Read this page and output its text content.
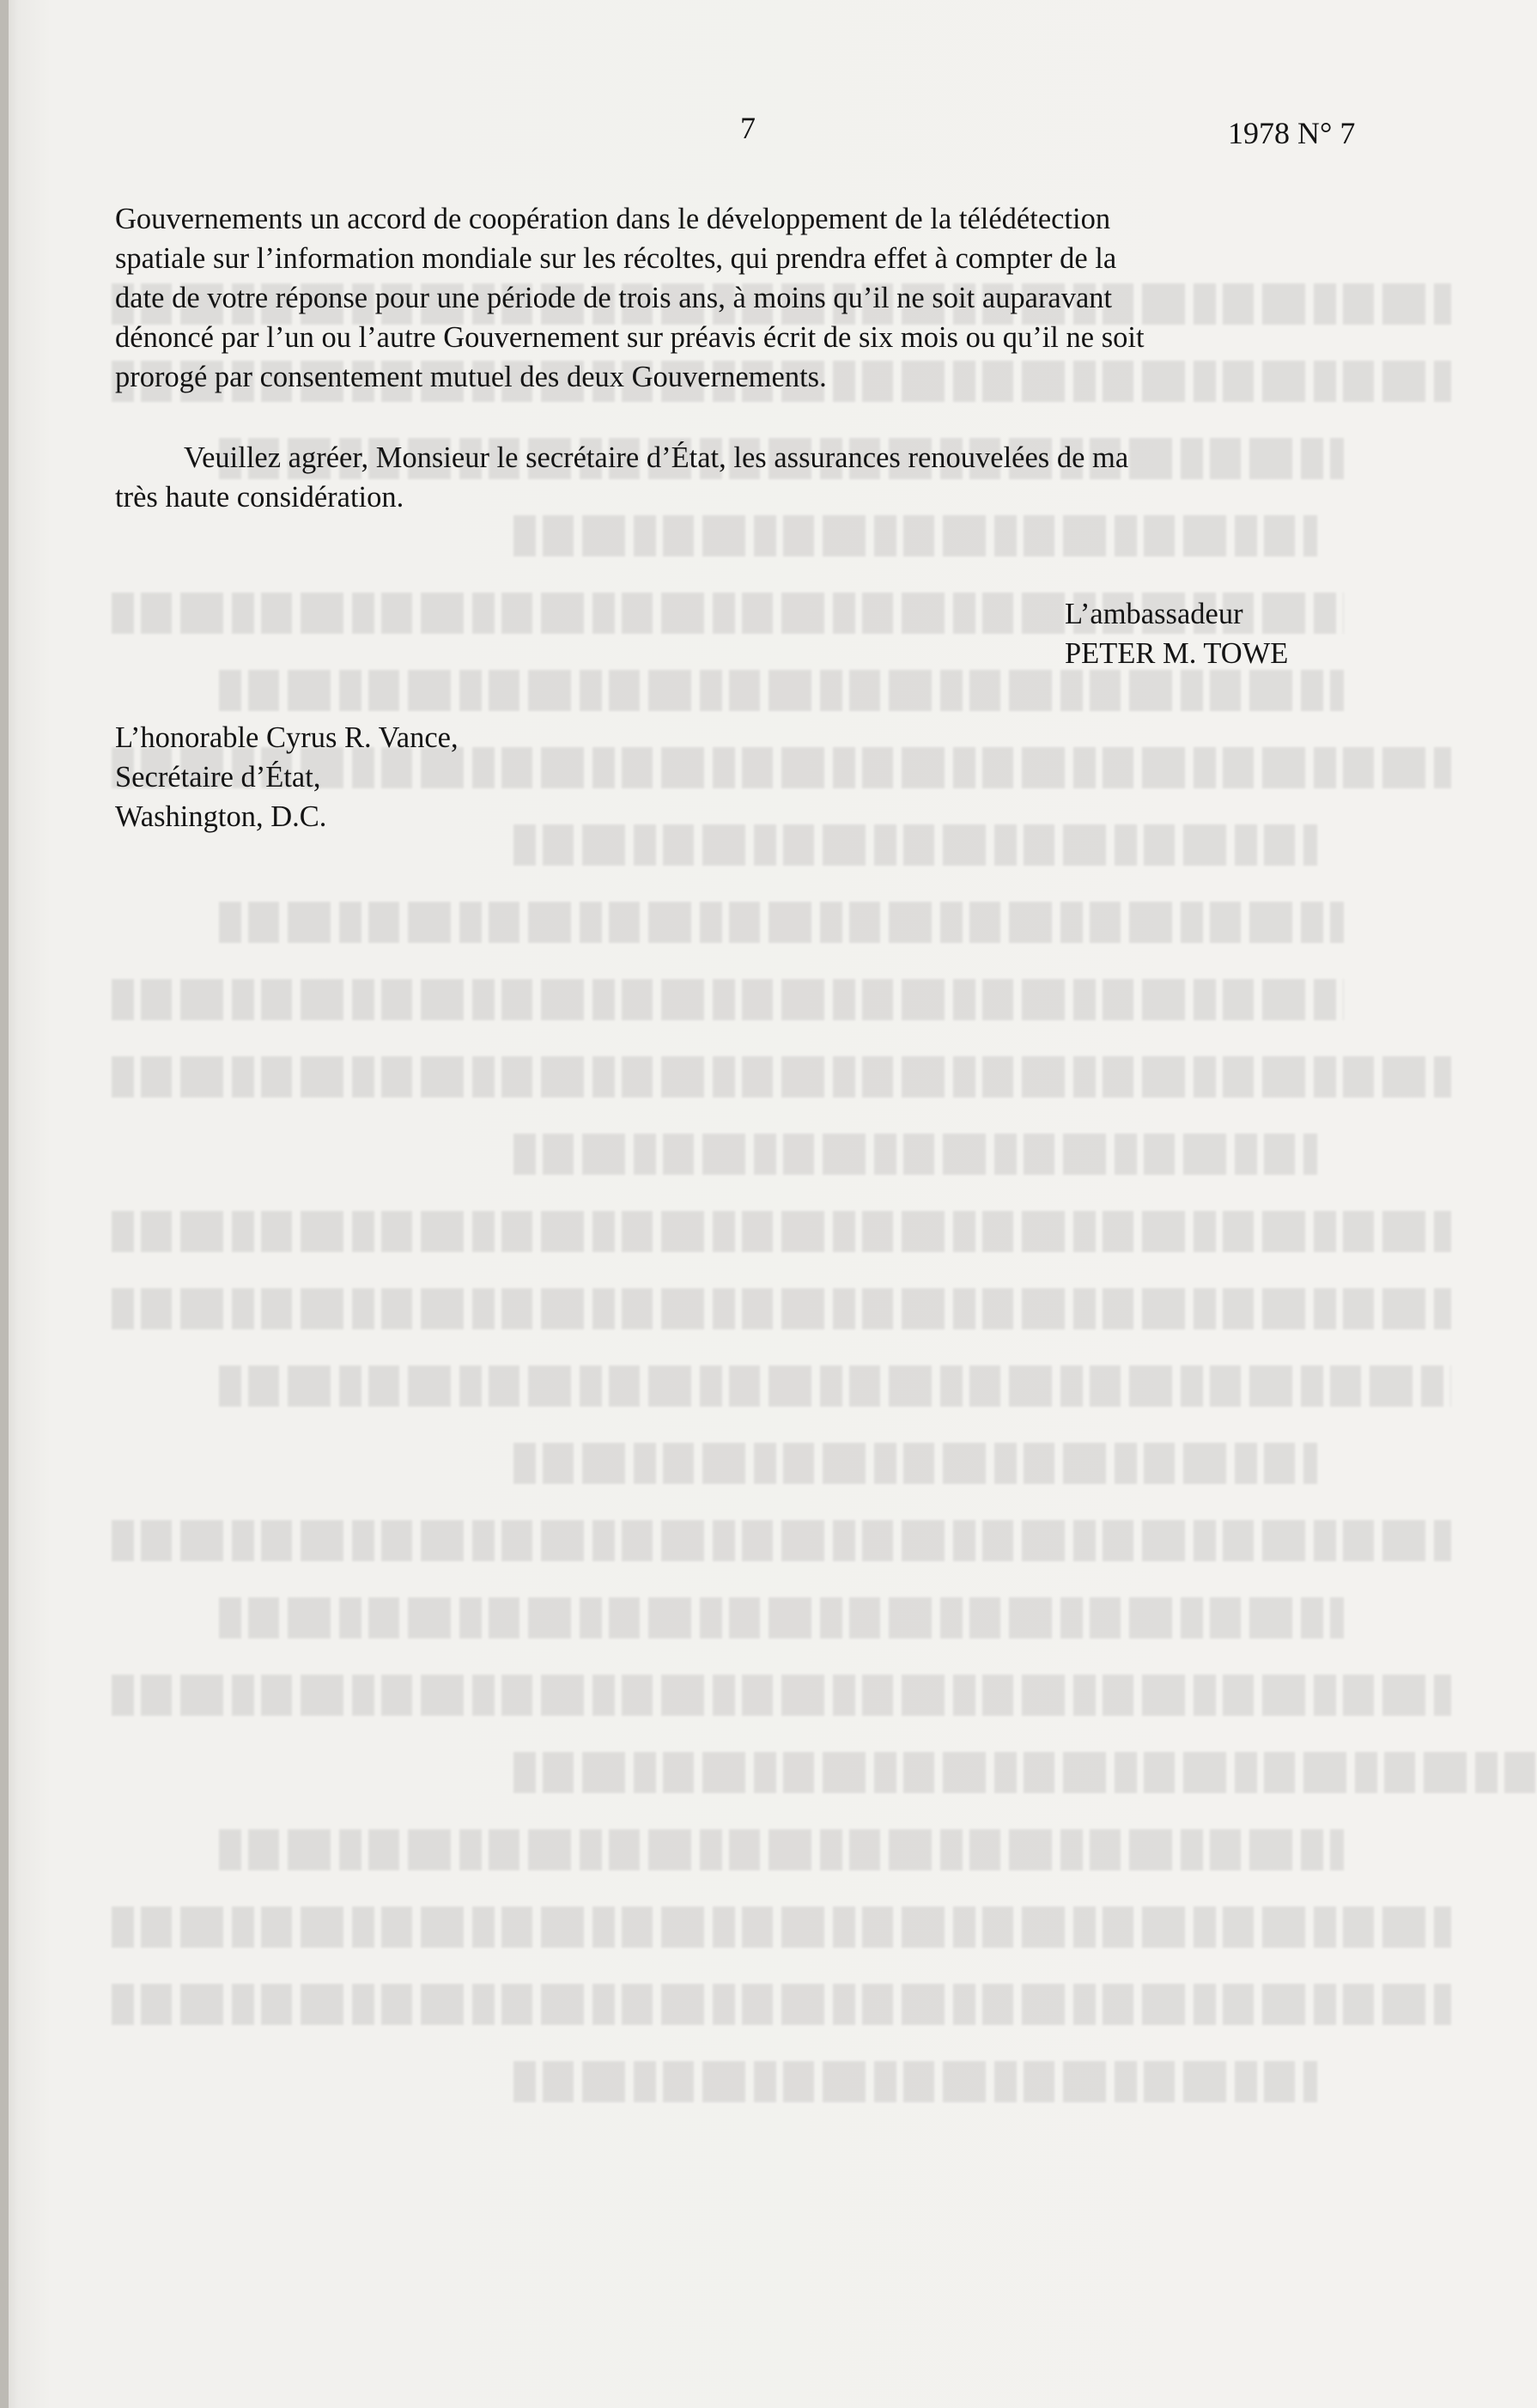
7	1978 N° 7

Gouvernements un accord de coopération dans le développement de la télédétection
spatiale sur l’information mondiale sur les récoltes, qui prendra effet à compter de la
date de votre réponse pour une période de trois ans, à moins qu’il ne soit auparavant
dénoncé par l’un ou l’autre Gouvernement sur préavis écrit de six mois ou qu’il ne soit
prorogé par consentement mutuel des deux Gouvernements.

Veuillez agréer, Monsieur le secrétaire d’État, les assurances renouvelées de ma
très haute considération.

L’ambassadeur
PETER M. TOWE

L’honorable Cyrus R. Vance,
Secrétaire d’État,
Washington, D.C.
